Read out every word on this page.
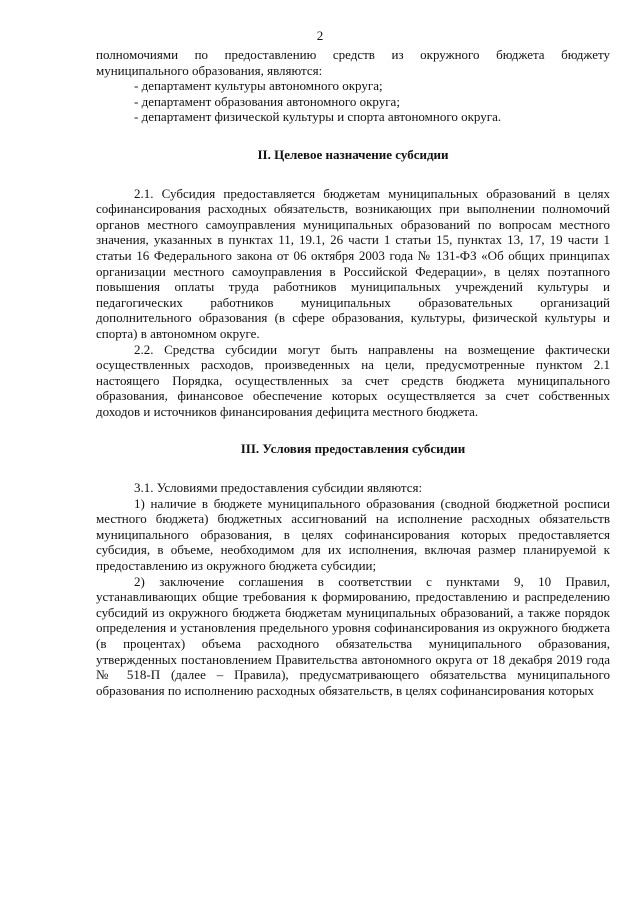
2

полномочиями по предоставлению средств из окружного бюджета бюджету муниципального образования, являются:

- департамент культуры автономного округа;

- департамент образования автономного округа;

- департамент физической культуры и спорта автономного округа.

II. Целевое назначение субсидии

2.1. Субсидия предоставляется бюджетам муниципальных образований в целях софинансирования расходных обязательств, возникающих при выполнении полномочий органов местного самоуправления муниципальных образований по вопросам местного значения, указанных в пунктах 11, 19.1, 26 части 1 статьи 15, пунктах 13, 17, 19 части 1 статьи 16 Федерального закона от 06 октября 2003 года № 131-ФЗ «Об общих принципах организации местного самоуправления в Российской Федерации», в целях поэтапного повышения оплаты труда работников муниципальных учреждений культуры и педагогических работников муниципальных образовательных организаций дополнительного образования (в сфере образования, культуры, физической культуры и спорта) в автономном округе.

2.2. Средства субсидии могут быть направлены на возмещение фактически осуществленных расходов, произведенных на цели, предусмотренные пунктом 2.1 настоящего Порядка, осуществленных за счет средств бюджета муниципального образования, финансовое обеспечение которых осуществляется за счет собственных доходов и источников финансирования дефицита местного бюджета.

III. Условия предоставления субсидии

3.1. Условиями предоставления субсидии являются:

1) наличие в бюджете муниципального образования (сводной бюджетной росписи местного бюджета) бюджетных ассигнований на исполнение расходных обязательств муниципального образования, в целях софинансирования которых предоставляется субсидия, в объеме, необходимом для их исполнения, включая размер планируемой к предоставлению из окружного бюджета субсидии;

2) заключение соглашения в соответствии с пунктами 9, 10 Правил, устанавливающих общие требования к формированию, предоставлению и распределению субсидий из окружного бюджета бюджетам муниципальных образований, а также порядок определения и установления предельного уровня софинансирования из окружного бюджета (в процентах) объема расходного обязательства муниципального образования, утвержденных постановлением Правительства автономного округа от 18 декабря 2019 года № 518-П (далее – Правила), предусматривающего обязательства муниципального образования по исполнению расходных обязательств, в целях софинансирования которых
